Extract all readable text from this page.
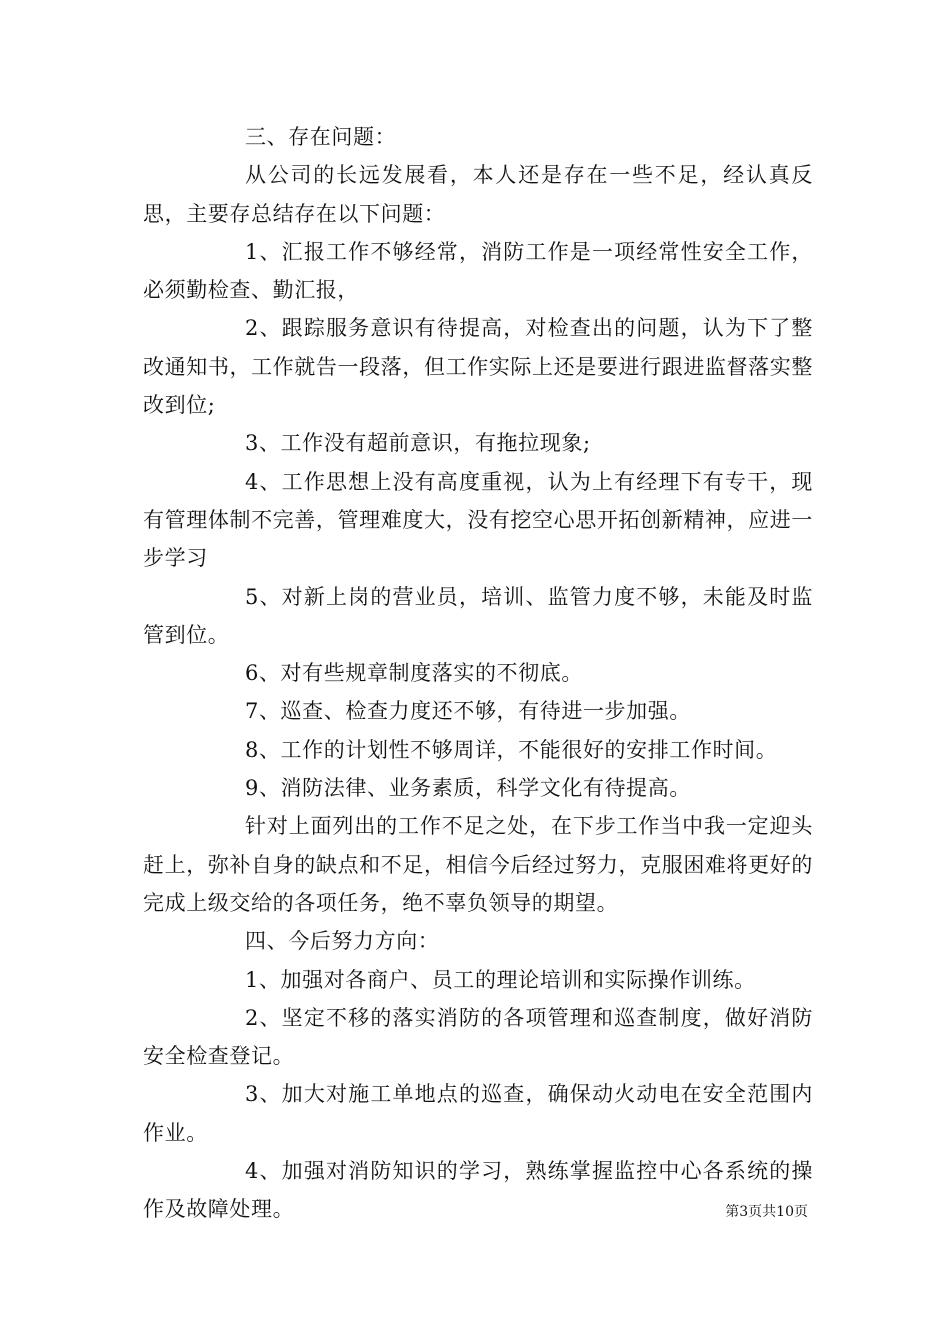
三、存在问题：

从公司的长远发展看，本人还是存在一些不足，经认真反思，主要存总结存在以下问题：

1、汇报工作不够经常，消防工作是一项经常性安全工作，必须勤检查、勤汇报，

2、跟踪服务意识有待提高，对检查出的问题，认为下了整改通知书，工作就告一段落，但工作实际上还是要进行跟进监督落实整改到位;

3、工作没有超前意识，有拖拉现象;

4、工作思想上没有高度重视，认为上有经理下有专干，现有管理体制不完善，管理难度大，没有挖空心思开拓创新精神，应进一步学习

5、对新上岗的营业员，培训、监管力度不够，未能及时监管到位。

6、对有些规章制度落实的不彻底。

7、巡查、检查力度还不够，有待进一步加强。

8、工作的计划性不够周详，不能很好的安排工作时间。

9、消防法律、业务素质，科学文化有待提高。

针对上面列出的工作不足之处，在下步工作当中我一定迎头赶上，弥补自身的缺点和不足，相信今后经过努力，克服困难将更好的完成上级交给的各项任务，绝不辜负领导的期望。

四、今后努力方向：

1、加强对各商户、员工的理论培训和实际操作训练。

2、坚定不移的落实消防的各项管理和巡查制度，做好消防安全检查登记。

3、加大对施工单地点的巡查，确保动火动电在安全范围内作业。

4、加强对消防知识的学习，熟练掌握监控中心各系统的操作及故障处理。	第3页共10页
